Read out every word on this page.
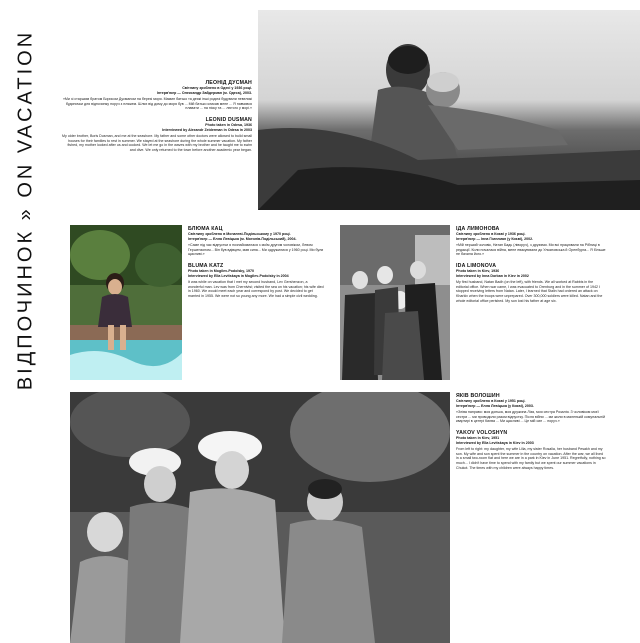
ВІДПОЧИНОК » ON VACATION	ЛЕОНІД ДУСМАН
Світлину зроблено в Одесі у 1936 році.
Інтерв'юер — Олександр Зайдерман (м. Одеса), 2003.

«Ми зі старшим братом Борисом Дусманом на березі моря. Мамин батько та деякі інші родичі будували невеликі будиночки для відпочинку поруч з пляжем. Шлях від дому до моря був ... Мій батько кликав мене ... Я навчився плавати ... на піску та ... лютого у морі.»

LEONID DUSMAN
Photo taken in Odesa, 1936
Interviewed by Alexandr Zeiderman in Odesa in 2003

My older brother, Boris Dusman, and me at the seashore. My father and some other doctors were allowed to build small houses for their families to rest in summer. We stayed at the seashore during the whole summer vacation. My father fished, my mother looked after us and cooked. We let me go in the waves with my brother and he taught me to swim and dive. We only returned to the town before another academic year began.

БЛЮМА КАЦ
Світлину зроблено в Могилеві-Подільському у 1970 році.
Інтерв'юер — Елла Левіцька (м. Могилів-Подільський), 2004.

«Саме під час відпустки я познайомилася з моїм другим чоловіком, Левом Гершензоном... Він був вдівцем, мав сина... Ми одружилися у 1960 році. Ми були щасливі.»

BLUMA KATZ
Photo taken in Mogilev-Podolsky, 1970
Interviewed by Ella Levitskaya in Mogilev-Podolsky in 2004

It was while on vacation that I met my second husband, Lev Gershenzon, a wonderful man. Lev was from Chernivtsi; visited the sea on his vacation; his wife died in 1960. We would meet each year and correspond by post. We decided to get married in 1955. We were not so young any more. We had a simple civil wedding.

ІДА ЛИМОНОВА
Світлину зроблено в Києві у 1936 році.
Інтерв'юер — Інна Гімелман (у Києві), 2002.

«Мій перший чоловік, Натан Бадь (ліворуч), з друзями. Ми всі працювали на Рібниці в редакції. Коли почалася війна, мене евакуювали до Ульяновська й Оренбурга... Я більше не бачила його.»

IDA LIMONOVA
Photo taken in Kiev, 1936
Interviewed by Inna Dorban in Kiev in 2002

My first husband, Natan Badh (on the left), with friends. We all worked at Rabbis in the editorial office. When war came, I was evacuated to Orenburg and in the summer of 1942 I stopped receiving letters from Natan. Later, I learned that Stalin had ordered an attack on Kharkiv when the troops were unprepared. Over 300,000 soldiers were killed. Natan and the whole editorial office perished. My son lost his father at age six.

ЯКІВ ВОЛОШИН
Світлину зроблено в Києві у 1951 році.
Інтерв'юер — Елла Левіцька (у Києві), 2003.

«Зліва направо: моя донька, моя дружина Лізя, моя сестра Розалія. З чоловіком моєї сестри ... ми проводили разом відпустку. Після війни ... ми жили в маленькій комунальній квартирі в центрі Києва ... Ми щасливі ... Це мій син ... поруч.»

YAKOV VOLOSHYN
Photo taken in Kiev, 1951
Interviewed by Ella Levitskaya in Kiev in 2003

From left to right: my daughter, my wife Lilia, my sister Rosalia, her husband Pesakh and my son. My wife and son spent the summer in the country on vacation. After the war, we all lived in a small two-room flat and here we are in a park in Kiev in June 1951. Regretfully, nothing so much... I didn't have time to spend with my family but we spent our summer vacations in Chukot. The times with my children were always happy times.
